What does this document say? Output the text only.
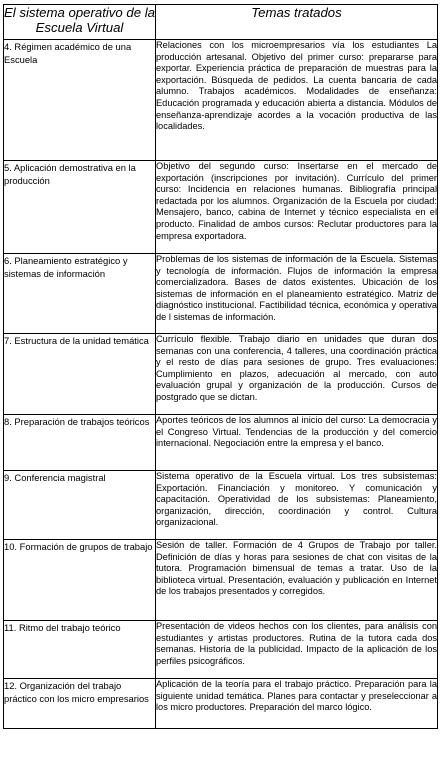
El sistema operativo de la Escuela Virtual	Temas tratados
4. Régimen académico de una Escuela	Relaciones con los microempresarios vía los estudiantes La producción artesanal. Objetivo del primer curso: prepararse para exportar. Experiencia práctica de preparación de muestras para la exportación. Búsqueda de pedidos. La cuenta bancaria de cada alumno. Trabajos académicos. Modalidades de enseñanza: Educación programada y educación abierta a distancia. Módulos de enseñanza-aprendizaje acordes a la vocación productiva de las localidades.
5. Aplicación demostrativa en la producción	Objetivo del segundo curso: Insertarse en el mercado de exportación (inscripciones por invitación). Currículo del primer curso: Incidencia en relaciones humanas. Bibliografía principal redactada por los alumnos. Organización de la Escuela por ciudad: Mensajero, banco, cabina de Internet y técnico especialista en el producto. Finalidad de ambos cursos: Reclutar productores para la empresa exportadora.
6. Planeamiento estratégico y sistemas de información	Problemas de los sistemas de información de la Escuela. Sistemas y tecnología de información. Flujos de información la empresa comercializadora. Bases de datos existentes. Ubicación de los sistemas de información en el planeamiento estratégico. Matriz de diagnóstico institucional. Factibilidad técnica, económica y operativa de l sistemas de información.
7. Estructura de la unidad temática	Currículo flexible. Trabajo diario en unidades que duran dos semanas con una conferencia, 4 talleres, una coordinación práctica y el resto de días para sesiones de grupo. Tres evaluaciones: Cumplimiento en plazos, adecuación al mercado, con auto evaluación grupal y organización de la producción. Cursos de postgrado que se dictan.
8. Preparación de trabajos teóricos	Aportes teóricos de los alumnos al inicio del curso: La democracia y el Congreso Virtual. Tendencias de la producción y del comercio internacional. Negociación entre la empresa y el banco.
9. Conferencia magistral	Sistema operativo de la Escuela virtual. Los tres subsistemas: Exportación. Financiación y monitoreo. Y comunicación y capacitación. Operatividad de los subsistemas: Planeamiento, organización, dirección, coordinación y control. Cultura organizacional.
10. Formación de grupos de trabajo	Sesión de taller. Formación de 4 Grupos de Trabajo por taller. Definición de días y horas para sesiones de chat con visitas de la tutora. Programación bimensual de temas a tratar. Uso de la biblioteca virtual. Presentación, evaluación y publicación en Internet de los trabajos presentados y corregidos.
11. Ritmo del trabajo teórico	Presentación de videos hechos con los clientes, para análisis con estudiantes y artistas productores. Rutina de la tutora cada dos semanas. Historia de la publicidad. Impacto de la aplicación de los perfiles psicográficos.
12. Organización del trabajo práctico con los micro empresarios	Aplicación de la teoría para el trabajo práctico. Preparación para la siguiente unidad temática. Planes para contactar y preseleccionar a los micro productores. Preparación del marco lógico.
